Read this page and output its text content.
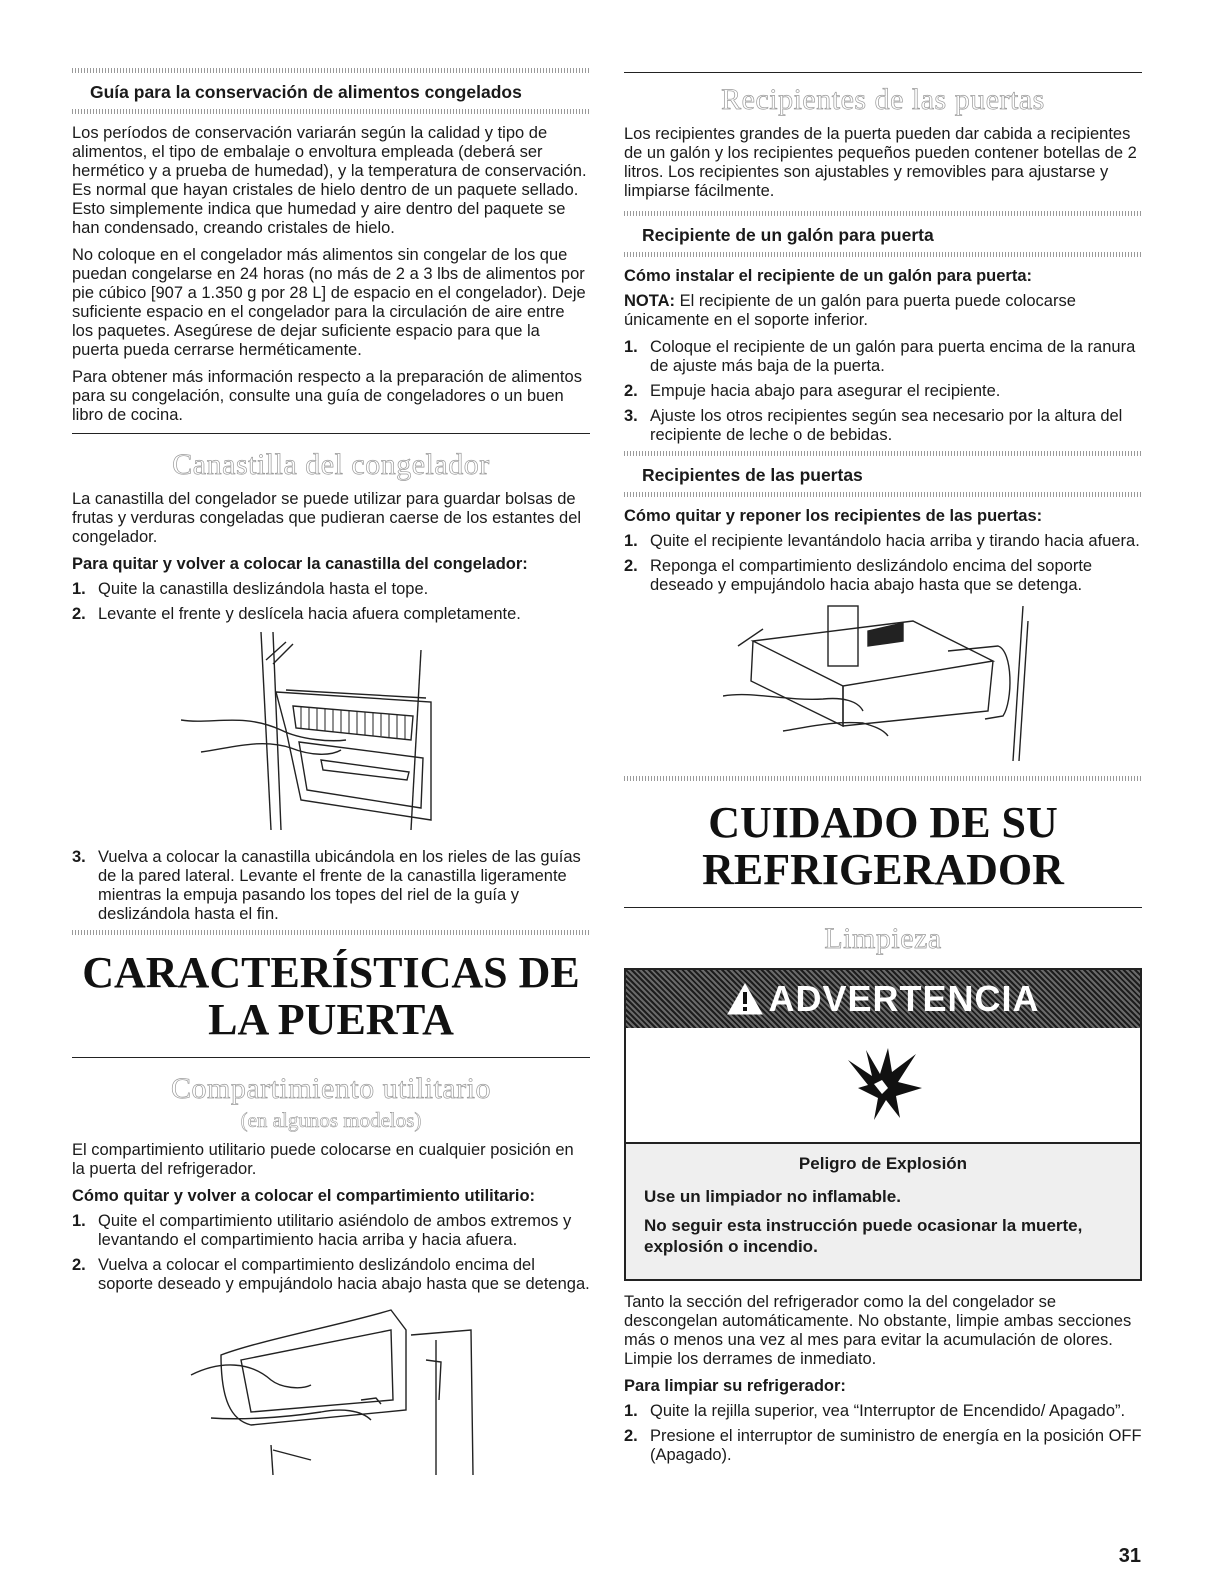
Guía para la conservación de alimentos congelados

Los períodos de conservación variarán según la calidad y tipo de alimentos, el tipo de embalaje o envoltura empleada (deberá ser hermético y a prueba de humedad), y la temperatura de conservación. Es normal que hayan cristales de hielo dentro de un paquete sellado. Esto simplemente indica que humedad y aire dentro del paquete se han condensado, creando cristales de hielo.

No coloque en el congelador más alimentos sin congelar de los que puedan congelarse en 24 horas (no más de 2 a 3 lbs de alimentos por pie cúbico [907 a 1.350 g por 28 L] de espacio en el congelador). Deje suficiente espacio en el congelador para la circulación de aire entre los paquetes. Asegúrese de dejar suficiente espacio para que la puerta pueda cerrarse herméticamente.

Para obtener más información respecto a la preparación de alimentos para su congelación, consulte una guía de congeladores o un buen libro de cocina.

Canastilla del congelador

La canastilla del congelador se puede utilizar para guardar bolsas de frutas y verduras congeladas que pudieran caerse de los estantes del congelador.

Para quitar y volver a colocar la canastilla del congelador:
1. Quite la canastilla deslizándola hasta el tope.
2. Levante el frente y deslícela hacia afuera completamente.
3. Vuelva a colocar la canastilla ubicándola en los rieles de las guías de la pared lateral. Levante el frente de la canastilla ligeramente mientras la empuja pasando los topes del riel de la guía y deslizándola hasta el fin.
CARACTERÍSTICAS DE
LA PUERTA
Compartimiento utilitario
(en algunos modelos)

El compartimiento utilitario puede colocarse en cualquier posición en la puerta del refrigerador.

Cómo quitar y volver a colocar el compartimiento utilitario:
1. Quite el compartimiento utilitario asiéndolo de ambos extremos y levantando el compartimiento hacia arriba y hacia afuera.
2. Vuelva a colocar el compartimiento deslizándolo encima del soporte deseado y empujándolo hacia abajo hasta que se detenga.
Recipientes de las puertas

Los recipientes grandes de la puerta pueden dar cabida a recipientes de un galón y los recipientes pequeños pueden contener botellas de 2 litros. Los recipientes son ajustables y removibles para ajustarse y limpiarse fácilmente.

Recipiente de un galón para puerta
Cómo instalar el recipiente de un galón para puerta:

NOTA: El recipiente de un galón para puerta puede colocarse únicamente en el soporte inferior.

1. Coloque el recipiente de un galón para puerta encima de la ranura de ajuste más baja de la puerta.
2. Empuje hacia abajo para asegurar el recipiente.
3. Ajuste los otros recipientes según sea necesario por la altura del recipiente de leche o de bebidas.
Recipientes de las puertas
Cómo quitar y reponer los recipientes de las puertas:
1. Quite el recipiente levantándolo hacia arriba y tirando hacia afuera.
2. Reponga el compartimiento deslizándolo encima del soporte deseado y empujándolo hacia abajo hasta que se detenga.
CUIDADO DE SU
REFRIGERADOR
Limpieza
ADVERTENCIA
Peligro de Explosión
Use un limpiador no inflamable.
No seguir esta instrucción puede ocasionar la muerte, explosión o incendio.

Tanto la sección del refrigerador como la del congelador se descongelan automáticamente. No obstante, limpie ambas secciones más o menos una vez al mes para evitar la acumulación de olores. Limpie los derrames de inmediato.

Para limpiar su refrigerador:
1. Quite la rejilla superior, vea “Interruptor de Encendido/ Apagado”.
2. Presione el interruptor de suministro de energía en la posición OFF (Apagado).
31
